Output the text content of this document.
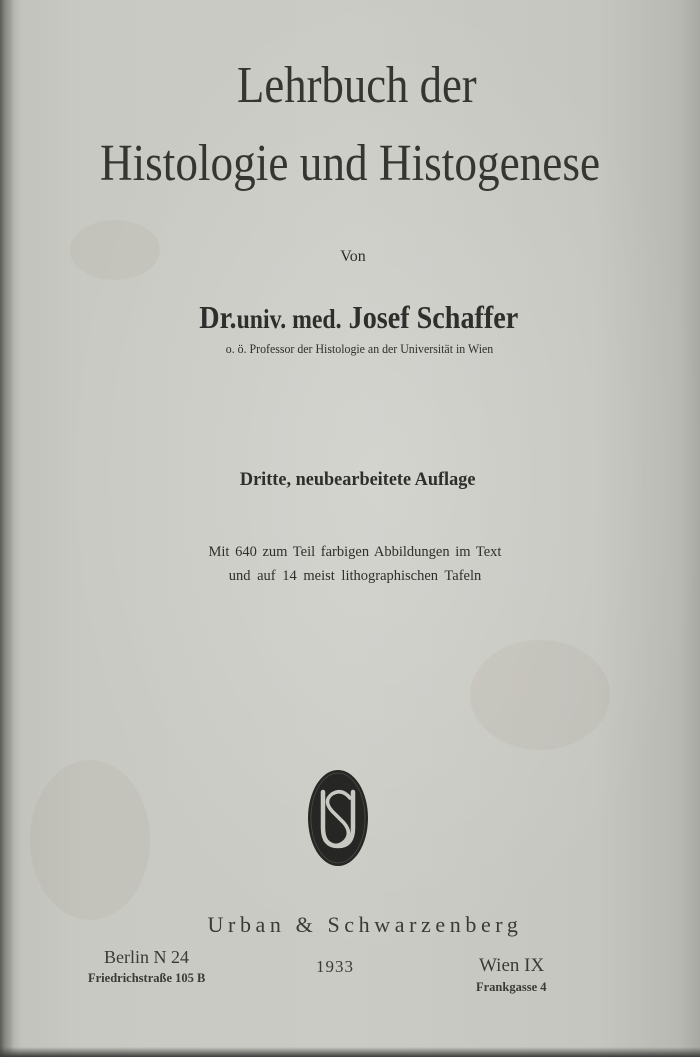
Lehrbuch der
Histologie und Histogenese
Von
Dr.univ. med. Josef Schaffer
o. ö. Professor der Histologie an der Universität in Wien
Dritte, neubearbeitete Auflage
Mit 640 zum Teil farbigen Abbildungen im Text
und auf 14 meist lithographischen Tafeln
Urban & Schwarzenberg
Berlin N 24
Friedrichstraße 105 B
1933	Wien IX
Frankgasse 4
